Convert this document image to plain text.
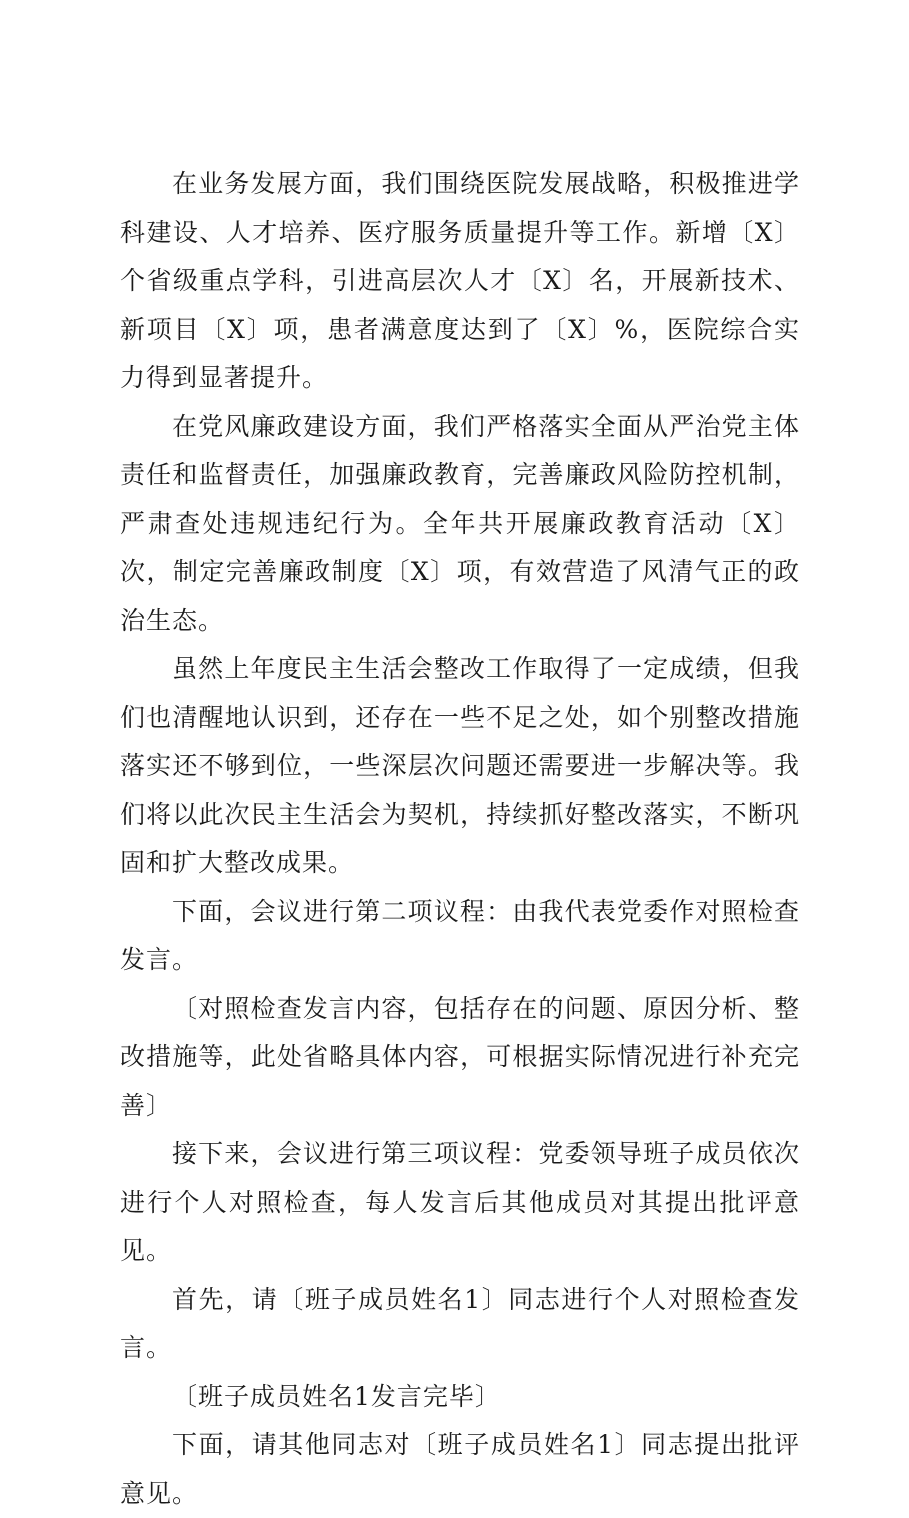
在业务发展方面，我们围绕医院发展战略，积极推进学科建设、人才培养、医疗服务质量提升等工作。新增〔X〕个省级重点学科，引进高层次人才〔X〕名，开展新技术、新项目〔X〕项，患者满意度达到了〔X〕%，医院综合实力得到显著提升。

在党风廉政建设方面，我们严格落实全面从严治党主体责任和监督责任，加强廉政教育，完善廉政风险防控机制，严肃查处违规违纪行为。全年共开展廉政教育活动〔X〕次，制定完善廉政制度〔X〕项，有效营造了风清气正的政治生态。

虽然上年度民主生活会整改工作取得了一定成绩，但我们也清醒地认识到，还存在一些不足之处，如个别整改措施落实还不够到位，一些深层次问题还需要进一步解决等。我们将以此次民主生活会为契机，持续抓好整改落实，不断巩固和扩大整改成果。

下面，会议进行第二项议程：由我代表党委作对照检查发言。

〔对照检查发言内容，包括存在的问题、原因分析、整改措施等，此处省略具体内容，可根据实际情况进行补充完善〕

接下来，会议进行第三项议程：党委领导班子成员依次进行个人对照检查，每人发言后其他成员对其提出批评意见。

首先，请〔班子成员姓名1〕同志进行个人对照检查发言。

〔班子成员姓名1发言完毕〕

下面，请其他同志对〔班子成员姓名1〕同志提出批评意见。
